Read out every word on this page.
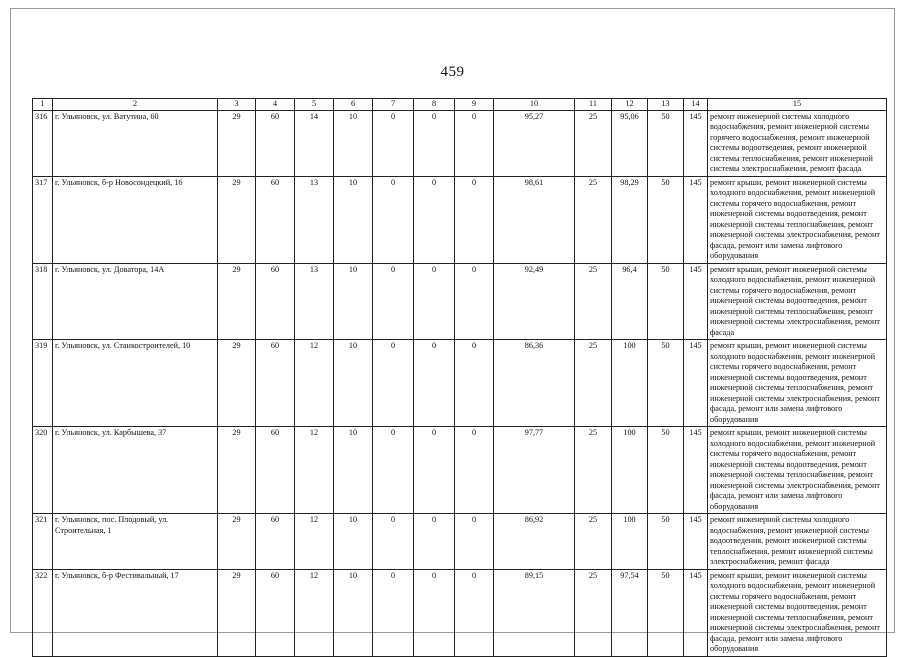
459
1	2	3	4	5	6	7	8	9	10	11	12	13	14	15
316	г. Ульяновск, ул. Ватутина, 60	29	60	14	10	0	0	0	95,27	25	95,06	50	145	ремонт инженерной системы холодного водоснабжения, ремонт инженерной системы горячего водоснабжения, ремонт инженерной системы водоотведения, ремонт инженерной системы теплоснабжения, ремонт инженерной системы электроснабжения, ремонт фасада
317	г. Ульяновск, б-р Новосондецкий, 16	29	60	13	10	0	0	0	98,61	25	98,29	50	145	ремонт крыши, ремонт инженерной системы холодного водоснабжения, ремонт инженерной системы горячего водоснабжения, ремонт инженерной системы водоотведения, ремонт инженерной системы теплоснабжения, ремонт инженерной системы электроснабжения, ремонт фасада, ремонт или замена лифтового оборудования
318	г. Ульяновск, ул. Доватора, 14А	29	60	13	10	0	0	0	92,49	25	96,4	50	145	ремонт крыши, ремонт инженерной системы холодного водоснабжения, ремонт инженерной системы горячего водоснабжения, ремонт инженерной системы водоотведения, ремонт инженерной системы теплоснабжения, ремонт инженерной системы электроснабжения, ремонт фасада
319	г. Ульяновск, ул. Станкостроителей, 10	29	60	12	10	0	0	0	86,36	25	100	50	145	ремонт крыши, ремонт инженерной системы холодного водоснабжения, ремонт инженерной системы горячего водоснабжения, ремонт инженерной системы водоотведения, ремонт инженерной системы теплоснабжения, ремонт инженерной системы электроснабжения, ремонт фасада, ремонт или замена лифтового оборудования
320	г. Ульяновск, ул. Карбышева, 37	29	60	12	10	0	0	0	97,77	25	100	50	145	ремонт крыши, ремонт инженерной системы холодного водоснабжения, ремонт инженерной системы горячего водоснабжения, ремонт инженерной системы водоотведения, ремонт инженерной системы теплоснабжения, ремонт инженерной системы электроснабжения, ремонт фасада, ремонт или замена лифтового оборудования
321	г. Ульяновск, пос. Плодовый, ул. Строительная, 1	29	60	12	10	0	0	0	86,92	25	100	50	145	ремонт инженерной системы холодного водоснабжения, ремонт инженерной системы водоотведения, ремонт инженерной системы теплоснабжения, ремонт инженерной системы электроснабжения, ремонт фасада
322	г. Ульяновск, б-р Фестивальный, 17	29	60	12	10	0	0	0	89,15	25	97,54	50	145	ремонт крыши, ремонт инженерной системы холодного водоснабжения, ремонт инженерной системы горячего водоснабжения, ремонт инженерной системы водоотведения, ремонт инженерной системы теплоснабжения, ремонт инженерной системы электроснабжения, ремонт фасада, ремонт или замена лифтового оборудования
